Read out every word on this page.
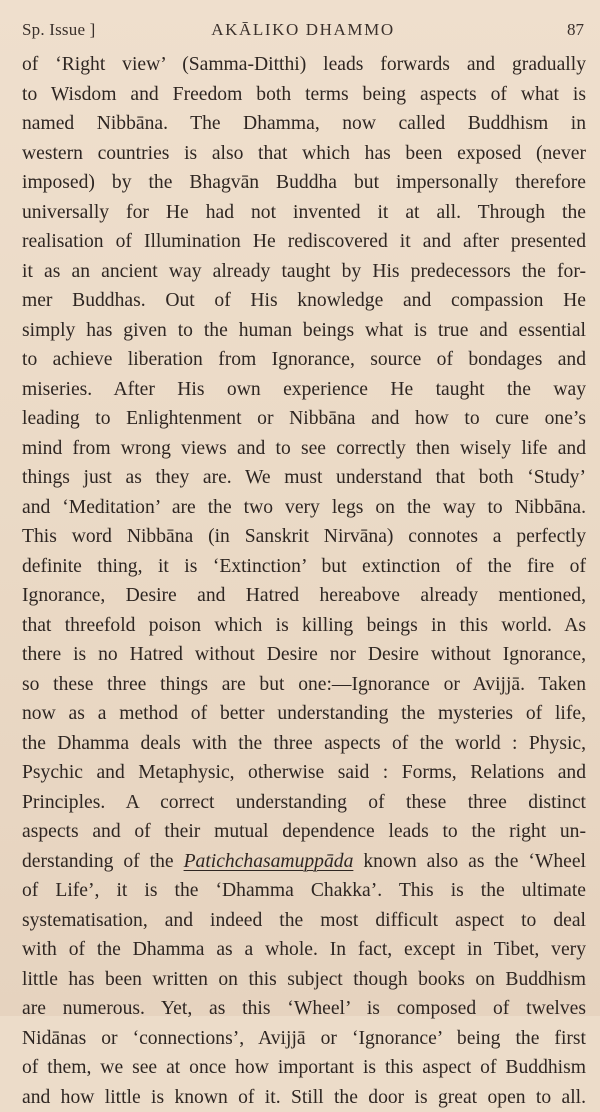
Sp. Issue ]	AKĀLIKO DHAMMO	87
of ‘Right view’ (Samma-Ditthi) leads forwards and gradually
to Wisdom and Freedom both terms being aspects of what is
named Nibbāna. The Dhamma, now called Buddhism in
western countries is also that which has been exposed (never
imposed) by the Bhagvān Buddha but impersonally therefore
universally for He had not invented it at all. Through the
realisation of Illumination He rediscovered it and after presented
it as an ancient way already taught by His predecessors the for-
mer Buddhas. Out of His knowledge and compassion He
simply has given to the human beings what is true and essential
to achieve liberation from Ignorance, source of bondages and
miseries. After His own experience He taught the way
leading to Enlightenment or Nibbāna and how to cure one’s
mind from wrong views and to see correctly then wisely life and
things just as they are. We must understand that both ‘Study’
and ‘Meditation’ are the two very legs on the way to Nibbāna.
This word Nibbāna (in Sanskrit Nirvāna) connotes a perfectly
definite thing, it is ‘Extinction’ but extinction of the fire of
Ignorance, Desire and Hatred hereabove already mentioned,
that threefold poison which is killing beings in this world. As
there is no Hatred without Desire nor Desire without Ignorance,
so these three things are but one:—Ignorance or Avijjā. Taken
now as a method of better understanding the mysteries of life,
the Dhamma deals with the three aspects of the world : Physic,
Psychic and Metaphysic, otherwise said : Forms, Relations and
Principles. A correct understanding of these three distinct
aspects and of their mutual dependence leads to the right un-
derstanding of the Patichchasamuppāda known also as the ‘Wheel
of Life’, it is the ‘Dhamma Chakka’. This is the ultimate
systematisation, and indeed the most difficult aspect to deal
with of the Dhamma as a whole. In fact, except in Tibet, very
little has been written on this subject though books on Buddhism
are numerous. Yet, as this ‘Wheel’ is composed of twelves
Nidānas or ‘connections’, Avijjā or ‘Ignorance’ being the first
of them, we see at once how important is this aspect of Buddhism
and how little is known of it. Still the door is great open to all.
